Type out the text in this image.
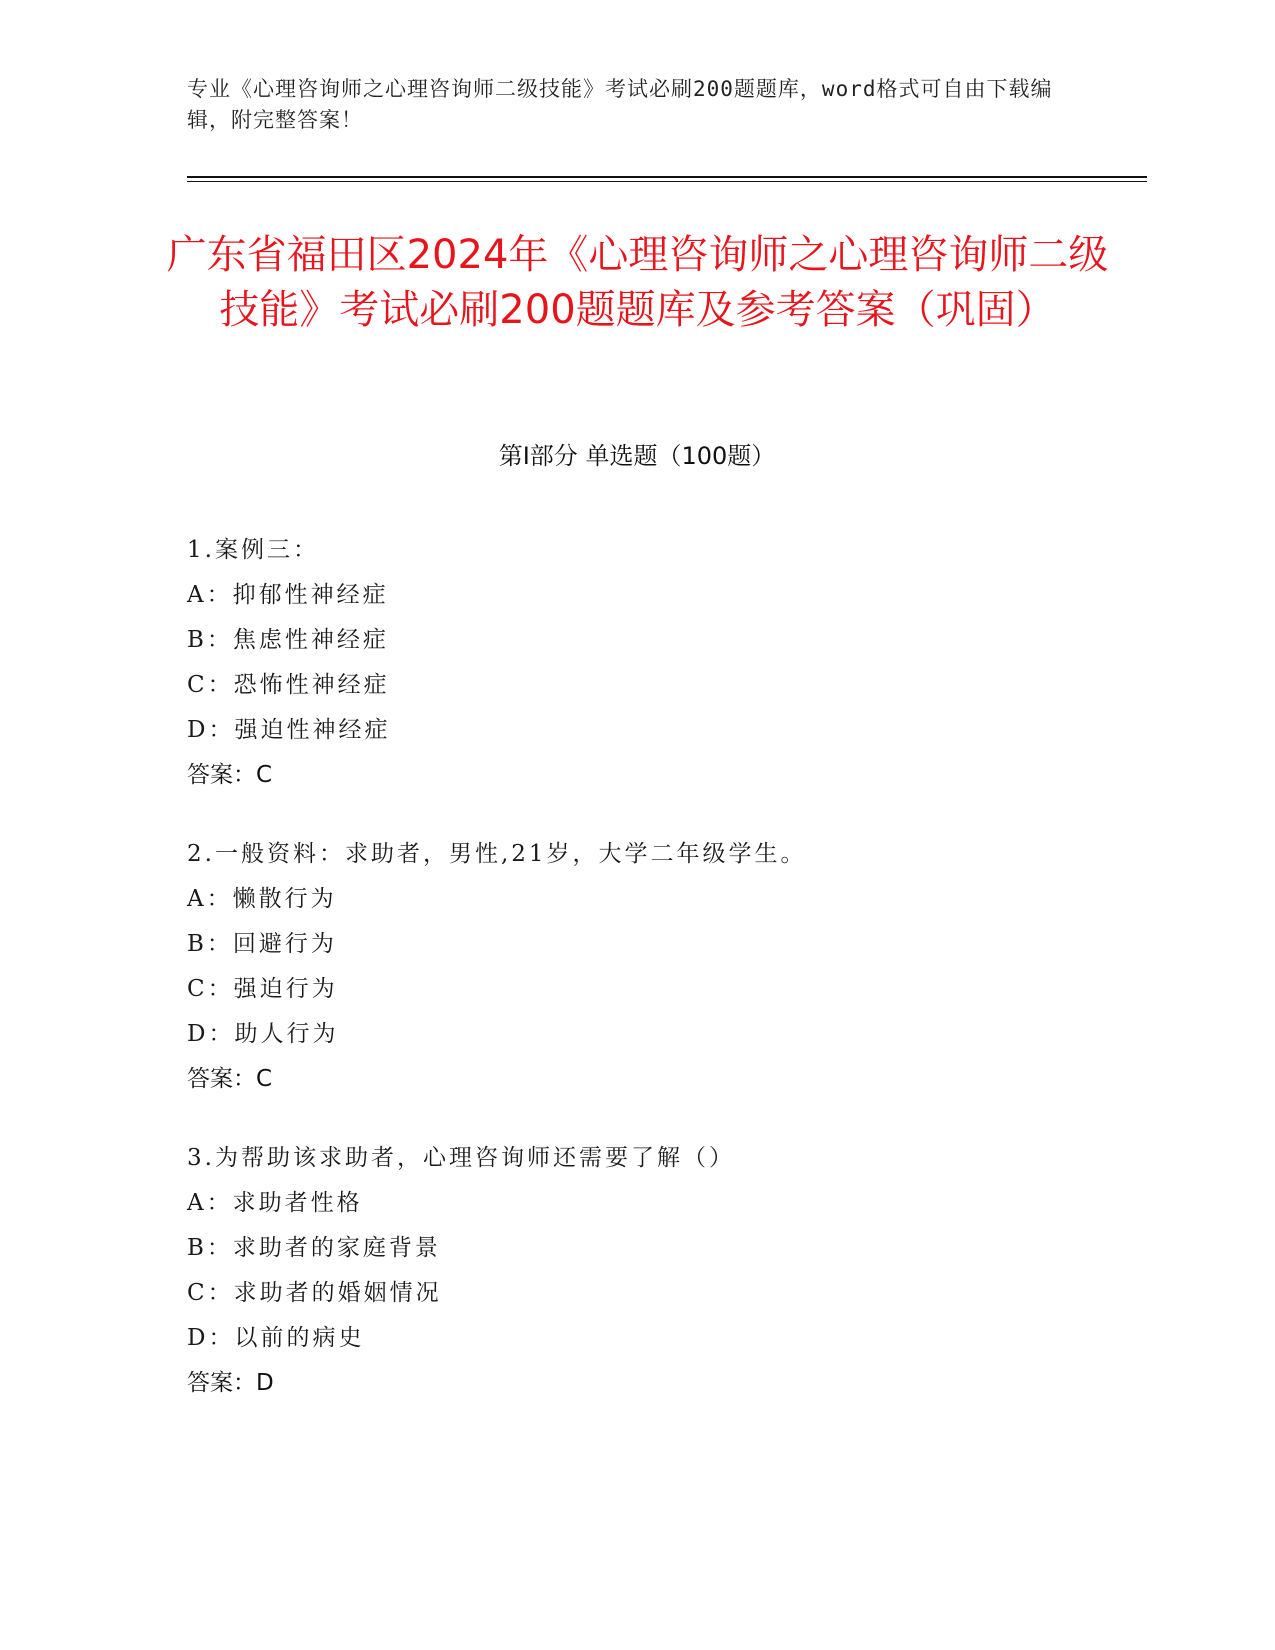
专业《心理咨询师之心理咨询师二级技能》考试必刷200题题库，word格式可自由下载编辑，附完整答案！
广东省福田区2024年《心理咨询师之心理咨询师二级技能》考试必刷200题题库及参考答案（巩固）
第Ⅰ部分 单选题（100题）
1.案例三：
A：抑郁性神经症
B：焦虑性神经症
C：恐怖性神经症
D：强迫性神经症
答案：C
2.一般资料：求助者，男性,21岁，大学二年级学生。
A：懒散行为
B：回避行为
C：强迫行为
D：助人行为
答案：C
3.为帮助该求助者，心理咨询师还需要了解（）
A：求助者性格
B：求助者的家庭背景
C：求助者的婚姻情况
D：以前的病史
答案：D
